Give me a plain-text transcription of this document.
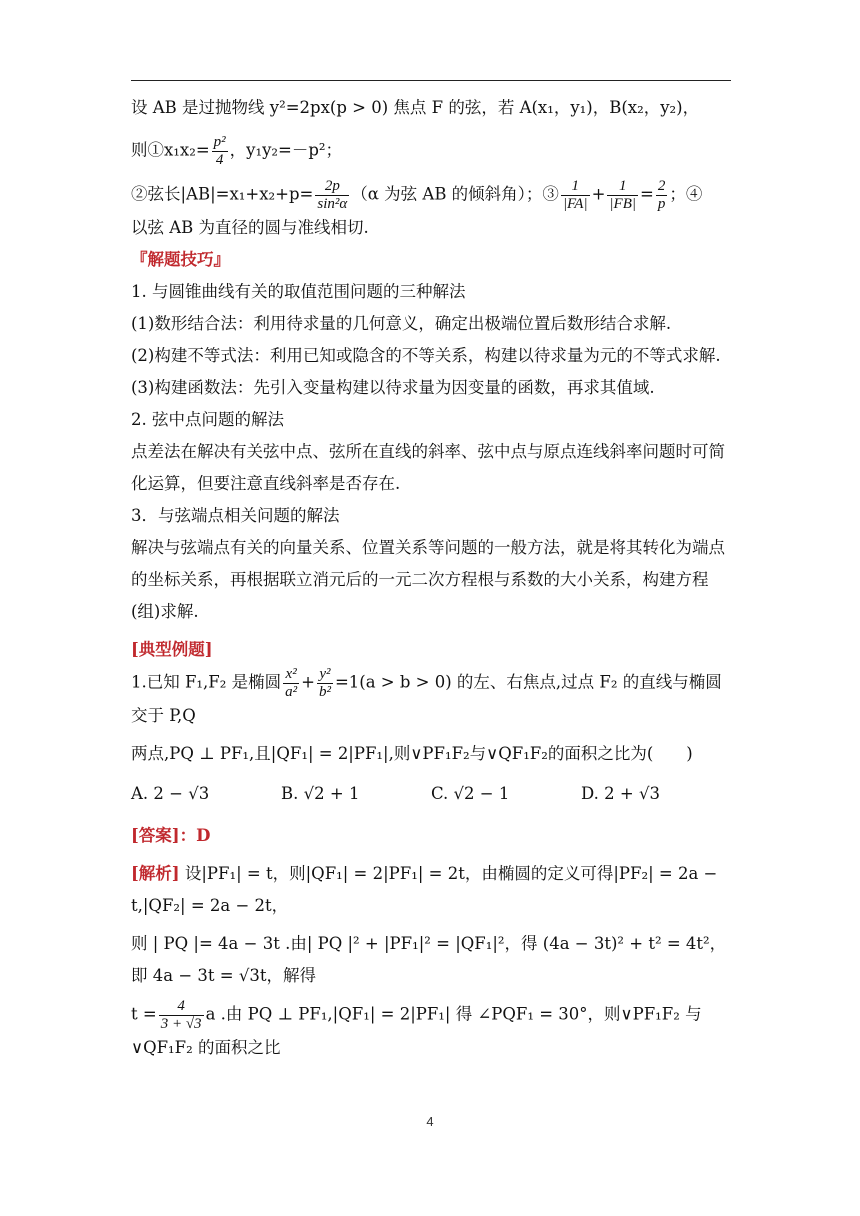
设 AB 是过抛物线 y²=2px(p > 0) 焦点 F 的弦，若 A(x₁，y₁)，B(x₂，y₂)，

则①x₁x₂= $\frac{\text{p²}}{4}$ ，y₁y₂=－p²；

②弦长$|AB|=x_1+x_2+p= \frac{2p}{\text{sin²α}} (\alpha$ 为弦 AB 的倾斜角）；③ $\frac{1}{|FA|} + \frac{1}{|FB|} = \frac{2}{p}$ ；④

以弦 AB 为直径的圆与准线相切.

『解题技巧』

1. 与圆锥曲线有关的取值范围问题的三种解法

(1)数形结合法：利用待求量的几何意义，确定出极端位置后数形结合求解.

(2)构建不等式法：利用已知或隐含的不等关系，构建以待求量为元的不等式求解.

(3)构建函数法：先引入变量构建以待求量为因变量的函数，再求其值域.

2. 弦中点问题的解法

点差法在解决有关弦中点、弦所在直线的斜率、弦中点与原点连线斜率问题时可简化运算，但要注意直线斜率是否存在.

3．与弦端点相关问题的解法

解决与弦端点有关的向量关系、位置关系等问题的一般方法，就是将其转化为端点的坐标关系，再根据联立消元后的一元二次方程根与系数的大小关系，构建方程(组)求解.

[典型例题]

1.已知 F₁,F₂ 是椭圆 $\frac{\text{x²}}{\text{a²}} + \frac{\text{y²}}{\text{b²}} =1(a > b > 0)$ 的左、右焦点,过点 F₂ 的直线与椭圆交于 P,Q

两点,PQ ⊥ PF₁,且|QF₁| = 2|PF₁|,则∨PF₁F₂与∨QF₁F₂的面积之比为(　　)

A. 2 − √3	B. √2 + 1	C. √2 − 1	D. 2 + √3

[答案]：D

[解析] 设|PF₁| = t，则|QF₁| = 2|PF₁| = 2t，由椭圆的定义可得|PF₂| = 2a − t,|QF₂| = 2a − 2t，

则 | PQ |= 4a − 3t .由| PQ |² + |PF₁|² = |QF₁|²，得 (4a − 3t)² + t² = 4t²，即 4a − 3t = √3t，解得

$t = \frac{4}{3 + √3}$ a .由 PQ ⊥ PF₁,|QF₁| = 2|PF₁| 得 ∠PQF₁ = 30°，则∨PF₁F₂ 与∨QF₁F₂ 的面积之比

4
